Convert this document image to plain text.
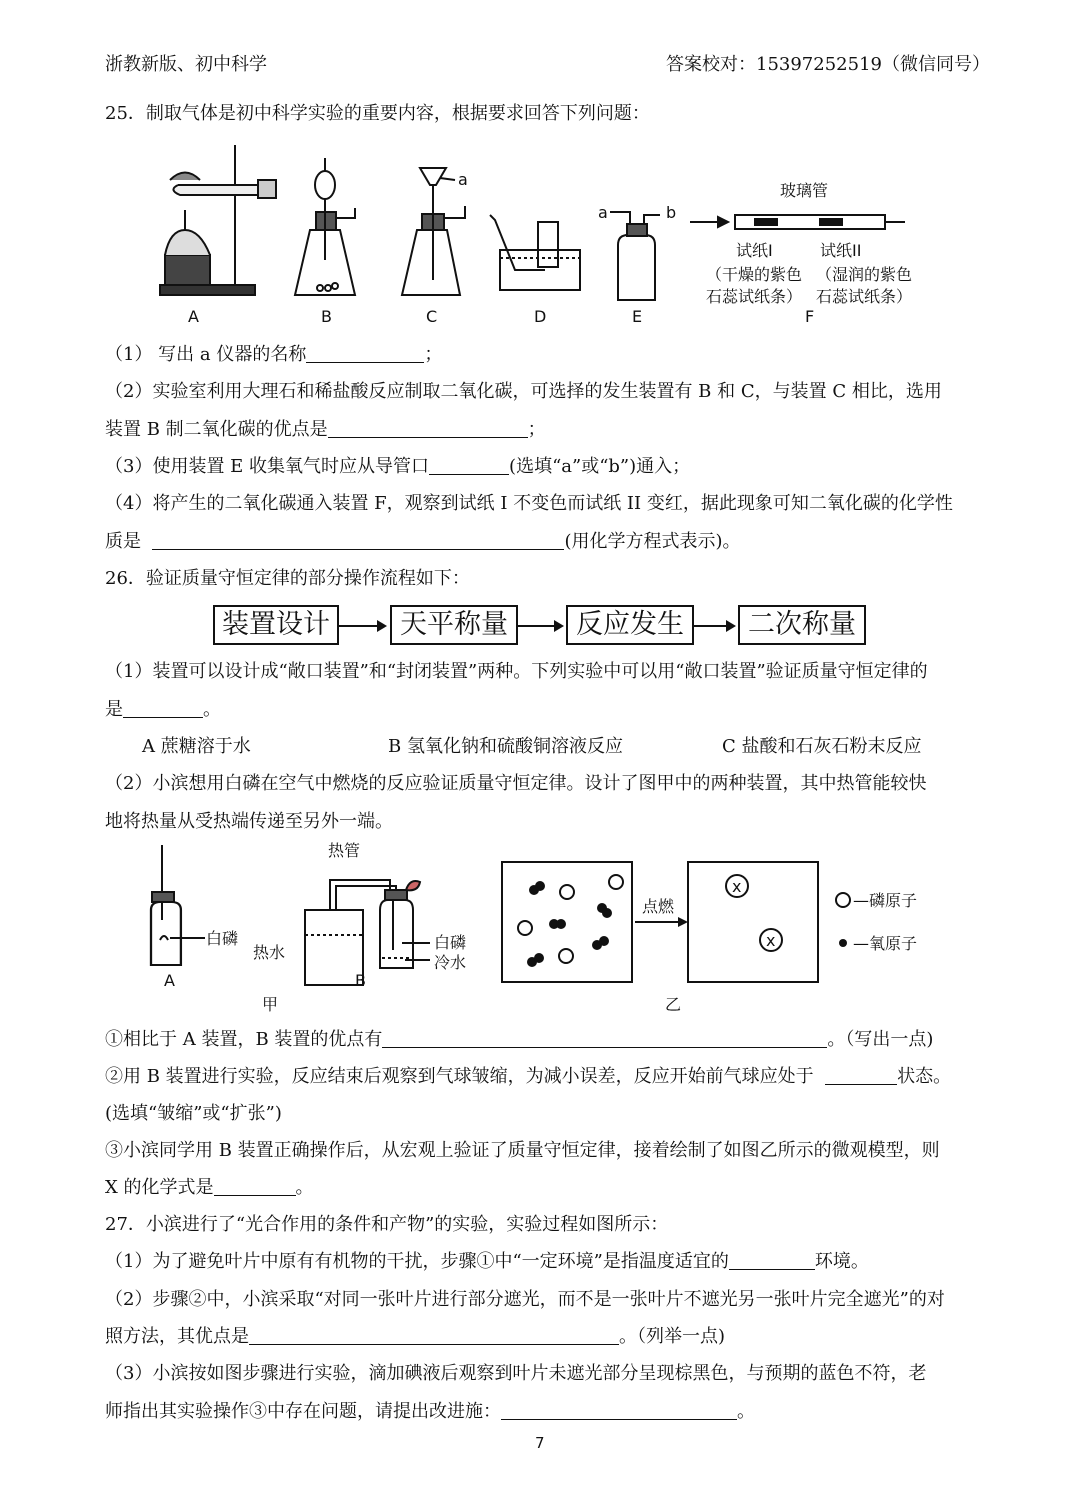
浙教新版、初中科学	答案校对：15397252519（微信同号）
25．制取气体是初中科学实验的重要内容，根据要求回答下列问题：
A	B
a
C	D
a	b
E
玻璃管
试纸I	试纸II
（干燥的紫色
石蕊试纸条）
（湿润的紫色
石蕊试纸条）
F
（1） 写出 a 仪器的名称	；
（2）实验室利用大理石和稀盐酸反应制取二氧化碳，可选择的发生装置有 B 和 C，与装置 C 相比，选用
装置 B 制二氧化碳的优点是	；
（3）使用装置 E 收集氧气时应从导管口	(选填“a”或“b”)通入；
（4）将产生的二氧化碳通入装置 F，观察到试纸 I 不变色而试纸 II 变红，据此现象可知二氧化碳的化学性
质是	(用化学方程式表示)。
26．验证质量守恒定律的部分操作流程如下：
装置设计	天平称量	反应发生	二次称量
（1）装置可以设计成“敞口装置”和“封闭装置”两种。下列实验中可以用“敞口装置”验证质量守恒定律的
是	。
A 蔗糖溶于水	B 氢氧化钠和硫酸铜溶液反应	C 盐酸和石灰石粉末反应
（2）小滨想用白磷在空气中燃烧的反应验证质量守恒定律。设计了图甲中的两种装置，其中热管能较快
地将热量从受热端传递至另外一端。
白磷
A
热管
热水
白磷
冷水
B
甲
点燃
x
x
乙
—磷原子
—氧原子
①相比于 A 装置，B 装置的优点有	。（写出一点)
②用 B 装置进行实验，反应结束后观察到气球皱缩，为减小误差，反应开始前气球应处于	状态。
(选填“皱缩”或“扩张”)
③小滨同学用 B 装置正确操作后，从宏观上验证了质量守恒定律，接着绘制了如图乙所示的微观模型，则
X 的化学式是	。
27．小滨进行了“光合作用的条件和产物”的实验，实验过程如图所示：
（1）为了避免叶片中原有有机物的干扰，步骤①中“一定环境”是指温度适宜的	环境。
（2）步骤②中，小滨采取“对同一张叶片进行部分遮光，而不是一张叶片不遮光另一张叶片完全遮光”的对
照方法，其优点是	。（列举一点)
（3）小滨按如图步骤进行实验，滴加碘液后观察到叶片未遮光部分呈现棕黑色，与预期的蓝色不符，老
师指出其实验操作③中存在问题，请提出改进施：	。
7
